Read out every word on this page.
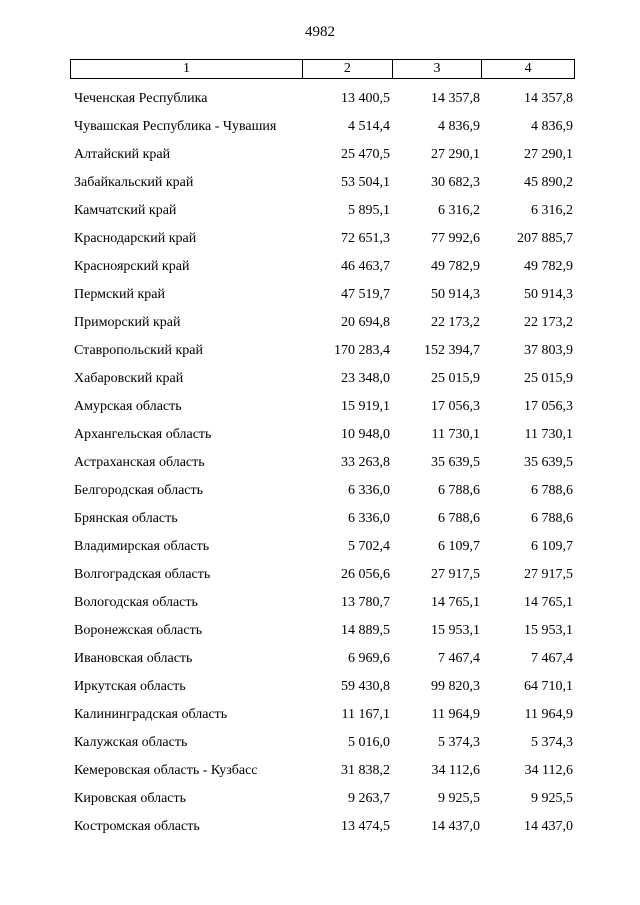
4982
1	2	3	4
Чеченская Республика	13 400,5	14 357,8	14 357,8
Чувашская Республика - Чувашия	4 514,4	4 836,9	4 836,9
Алтайский край	25 470,5	27 290,1	27 290,1
Забайкальский край	53 504,1	30 682,3	45 890,2
Камчатский край	5 895,1	6 316,2	6 316,2
Краснодарский край	72 651,3	77 992,6	207 885,7
Красноярский край	46 463,7	49 782,9	49 782,9
Пермский край	47 519,7	50 914,3	50 914,3
Приморский край	20 694,8	22 173,2	22 173,2
Ставропольский край	170 283,4	152 394,7	37 803,9
Хабаровский край	23 348,0	25 015,9	25 015,9
Амурская область	15 919,1	17 056,3	17 056,3
Архангельская область	10 948,0	11 730,1	11 730,1
Астраханская область	33 263,8	35 639,5	35 639,5
Белгородская область	6 336,0	6 788,6	6 788,6
Брянская область	6 336,0	6 788,6	6 788,6
Владимирская область	5 702,4	6 109,7	6 109,7
Волгоградская область	26 056,6	27 917,5	27 917,5
Вологодская область	13 780,7	14 765,1	14 765,1
Воронежская область	14 889,5	15 953,1	15 953,1
Ивановская область	6 969,6	7 467,4	7 467,4
Иркутская область	59 430,8	99 820,3	64 710,1
Калининградская область	11 167,1	11 964,9	11 964,9
Калужская область	5 016,0	5 374,3	5 374,3
Кемеровская область - Кузбасс	31 838,2	34 112,6	34 112,6
Кировская область	9 263,7	9 925,5	9 925,5
Костромская область	13 474,5	14 437,0	14 437,0
